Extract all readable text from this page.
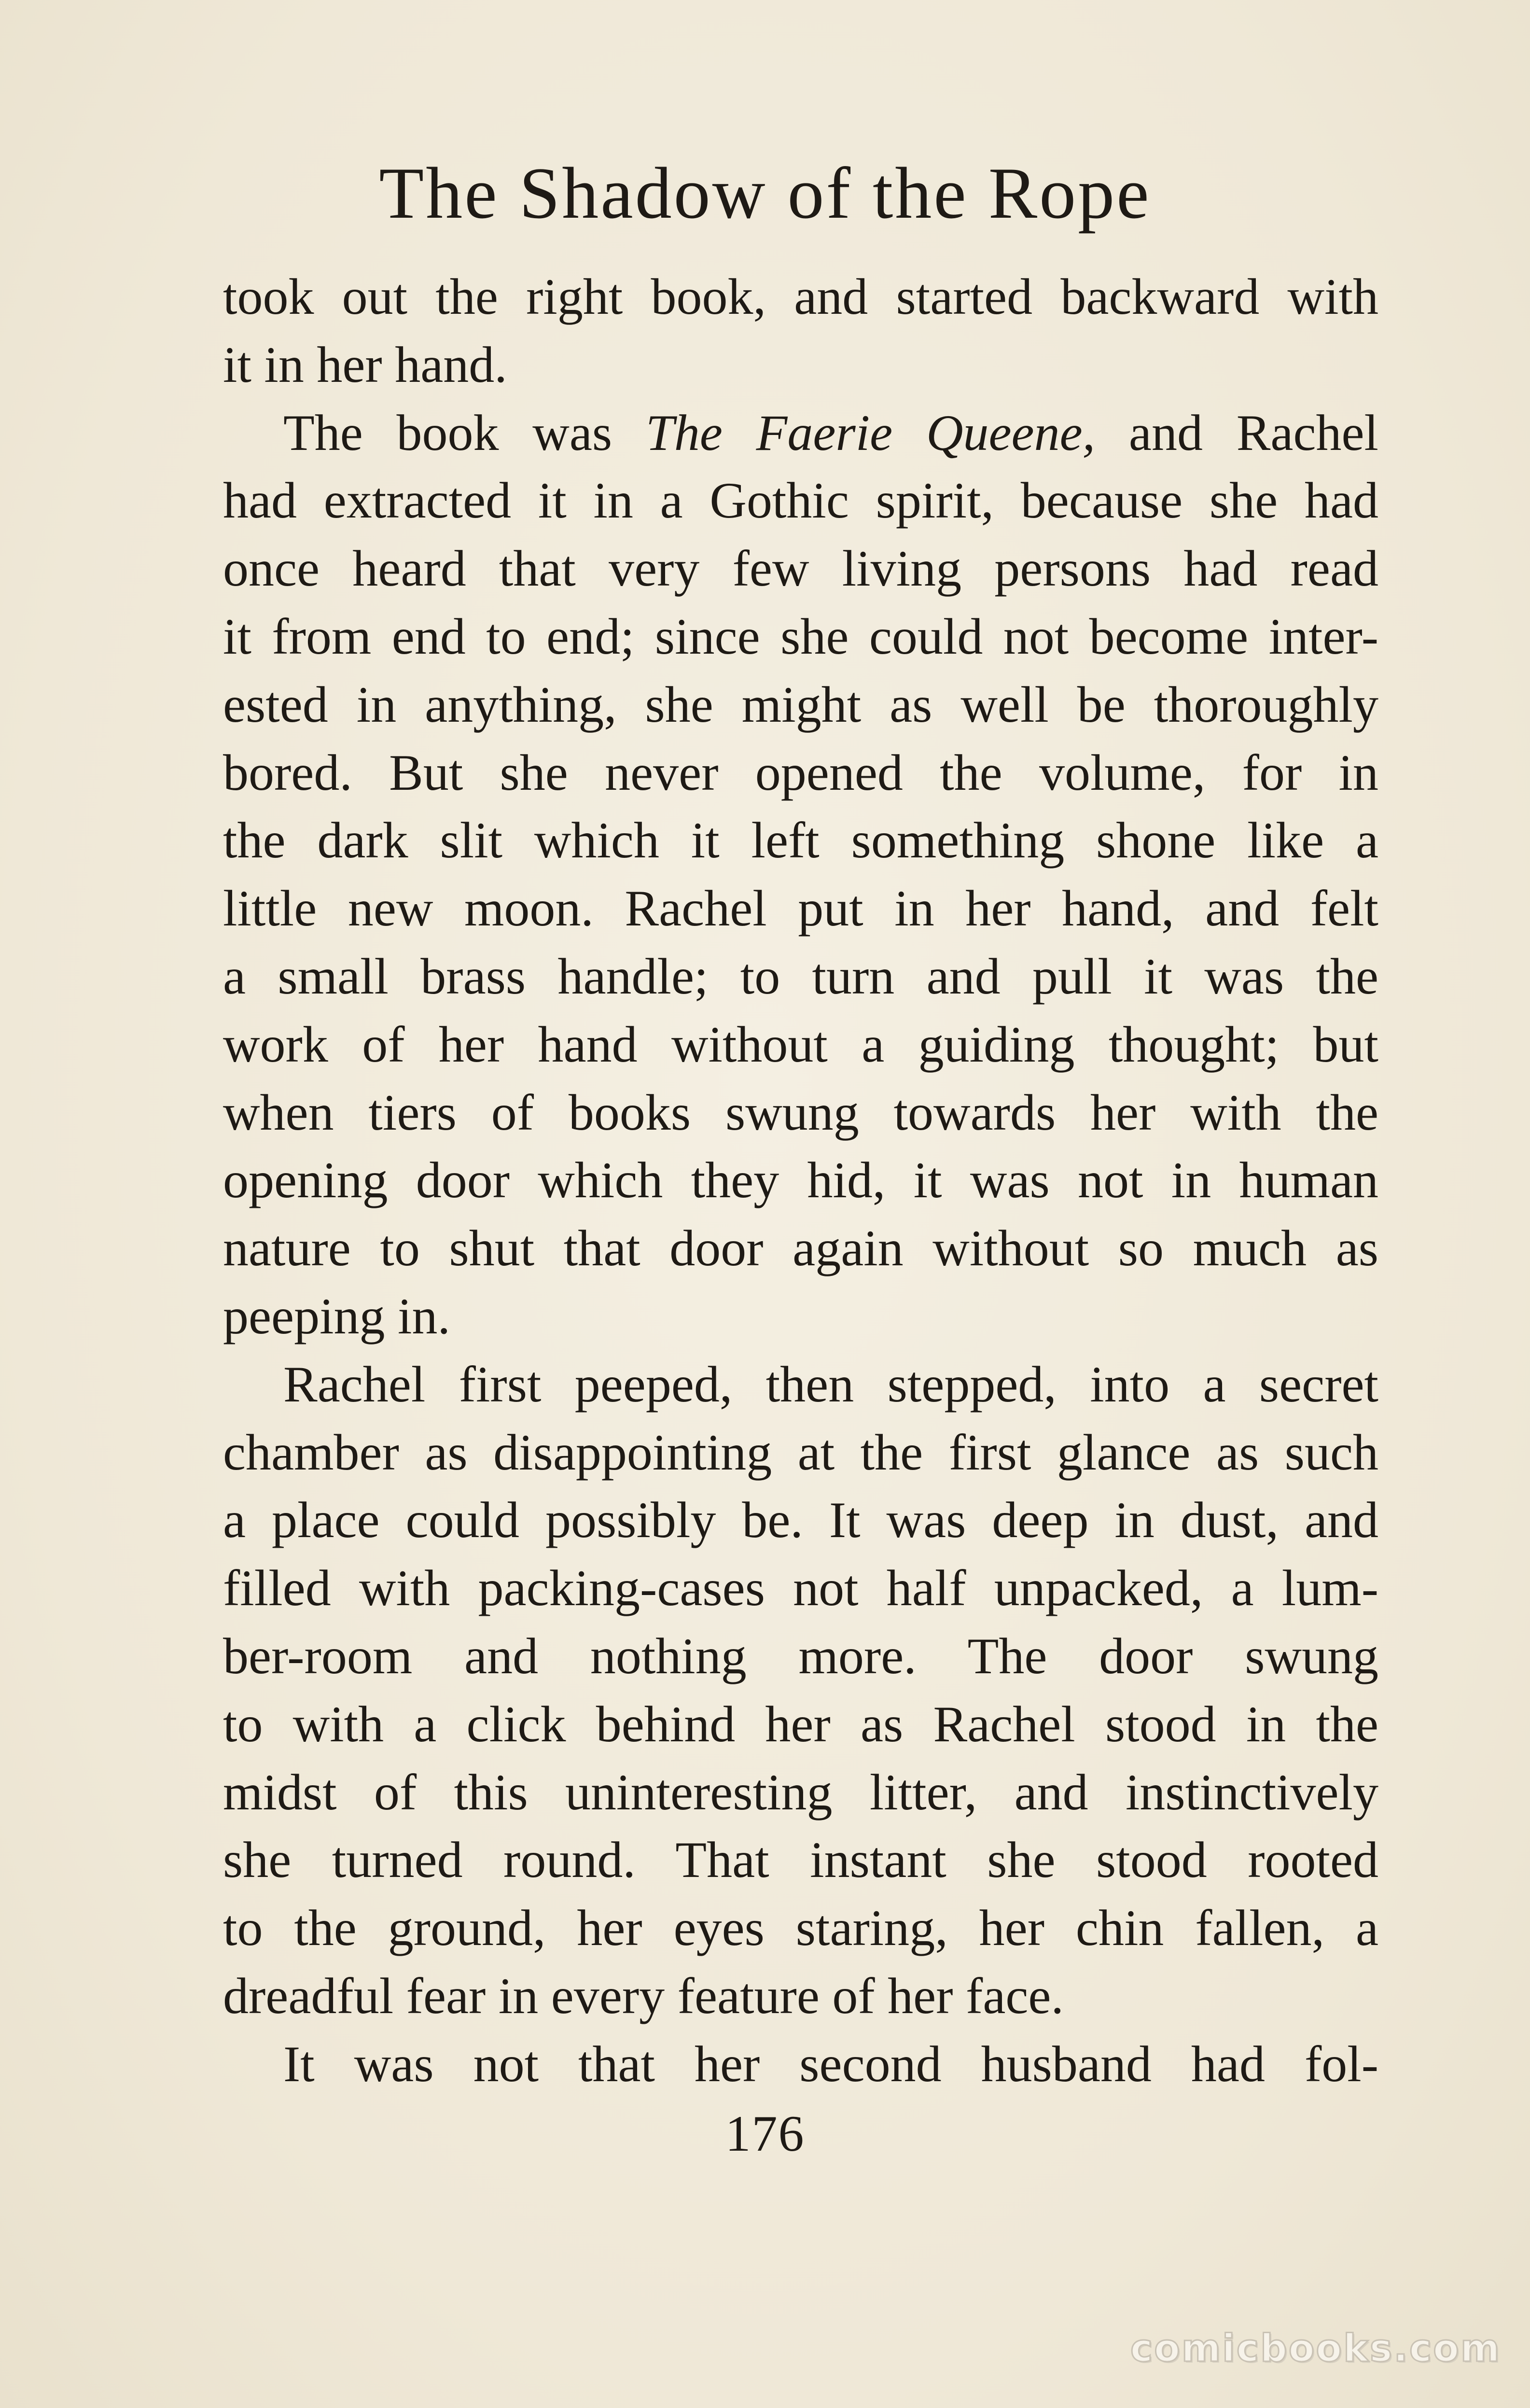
The Shadow of the Rope
took out the right book, and started backward with
it in her hand.
The book was The Faerie Queene, and Rachel
had extracted it in a Gothic spirit, because she had
once heard that very few living persons had read
it from end to end; since she could not become inter-
ested in anything, she might as well be thoroughly
bored. But she never opened the volume, for in
the dark slit which it left something shone like a
little new moon. Rachel put in her hand, and felt
a small brass handle; to turn and pull it was the
work of her hand without a guiding thought; but
when tiers of books swung towards her with the
opening door which they hid, it was not in human
nature to shut that door again without so much as
peeping in.
Rachel first peeped, then stepped, into a secret
chamber as disappointing at the first glance as such
a place could possibly be. It was deep in dust, and
filled with packing-cases not half unpacked, a lum-
ber-room and nothing more. The door swung
to with a click behind her as Rachel stood in the
midst of this uninteresting litter, and instinctively
she turned round. That instant she stood rooted
to the ground, her eyes staring, her chin fallen, a
dreadful fear in every feature of her face.
It was not that her second husband had fol-
176
comicbooks.com
